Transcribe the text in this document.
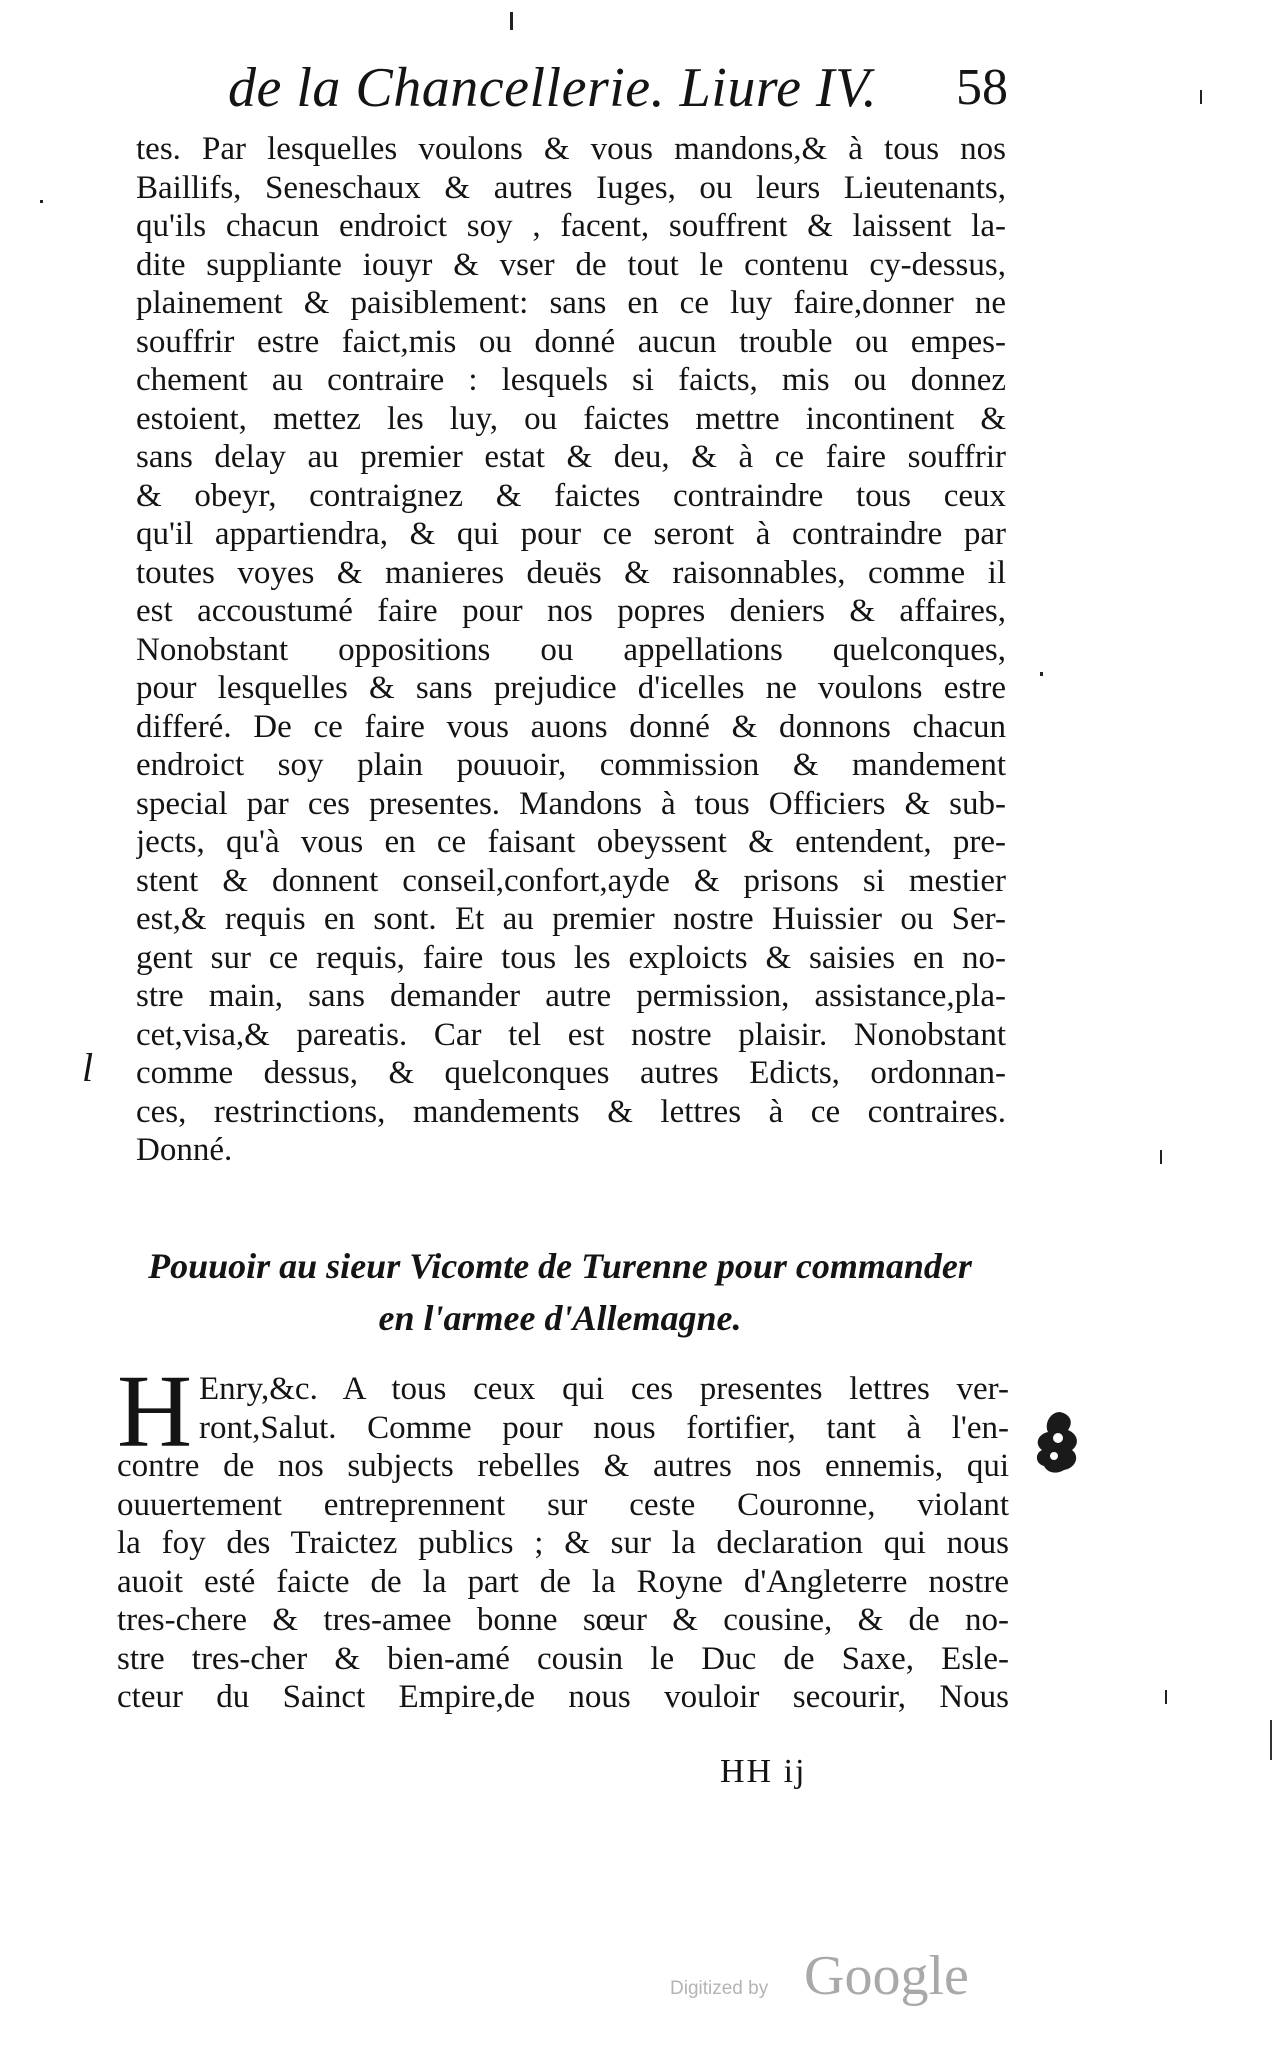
de la Chancellerie. Liure IV. 58
tes. Par lesquelles voulons & vous mandons,& à tous nos
Baillifs, Seneschaux & autres Iuges, ou leurs Lieutenants,
qu'ils chacun endroict soy , facent, souffrent & laissent la-
dite suppliante iouyr & vser de tout le contenu cy-dessus,
plainement & paisiblement: sans en ce luy faire,donner ne
souffrir estre faict,mis ou donné aucun trouble ou empes-
chement au contraire : lesquels si faicts, mis ou donnez
estoient, mettez les luy, ou faictes mettre incontinent &
sans delay au premier estat & deu, & à ce faire souffrir
& obeyr, contraignez & faictes contraindre tous ceux
qu'il appartiendra, & qui pour ce seront à contraindre par
toutes voyes & manieres deuës & raisonnables, comme il
est accoustumé faire pour nos popres deniers & affaires,
Nonobstant oppositions ou appellations quelconques,
pour lesquelles & sans prejudice d'icelles ne voulons estre
differé. De ce faire vous auons donné & donnons chacun
endroict soy plain pouuoir, commission & mandement
special par ces presentes. Mandons à tous Officiers & sub-
jects, qu'à vous en ce faisant obeyssent & entendent, pre-
stent & donnent conseil,confort,ayde & prisons si mestier
est,& requis en sont. Et au premier nostre Huissier ou Ser-
gent sur ce requis, faire tous les exploicts & saisies en no-
stre main, sans demander autre permission, assistance,pla-
cet,visa,& pareatis. Car tel est nostre plaisir. Nonobstant
comme dessus, & quelconques autres Edicts, ordonnan-
ces, restrinctions, mandements & lettres à ce contraires.
Donné.
l
Pouuoir au sieur Vicomte de Turenne pour commander
en l'armee d'Allemagne.
H Enry,&c. A tous ceux qui ces presentes lettres ver-
ront,Salut. Comme pour nous fortifier, tant à l'en-
contre de nos subjects rebelles & autres nos ennemis, qui
ouuertement entreprennent sur ceste Couronne, violant
la foy des Traictez publics ; & sur la declaration qui nous
auoit esté faicte de la part de la Royne d'Angleterre nostre
tres-chere & tres-amee bonne sœur & cousine, & de no-
stre tres-cher & bien-amé cousin le Duc de Saxe, Esle-
cteur du Sainct Empire,de nous vouloir secourir, Nous
HH ij
Digitized by Google
